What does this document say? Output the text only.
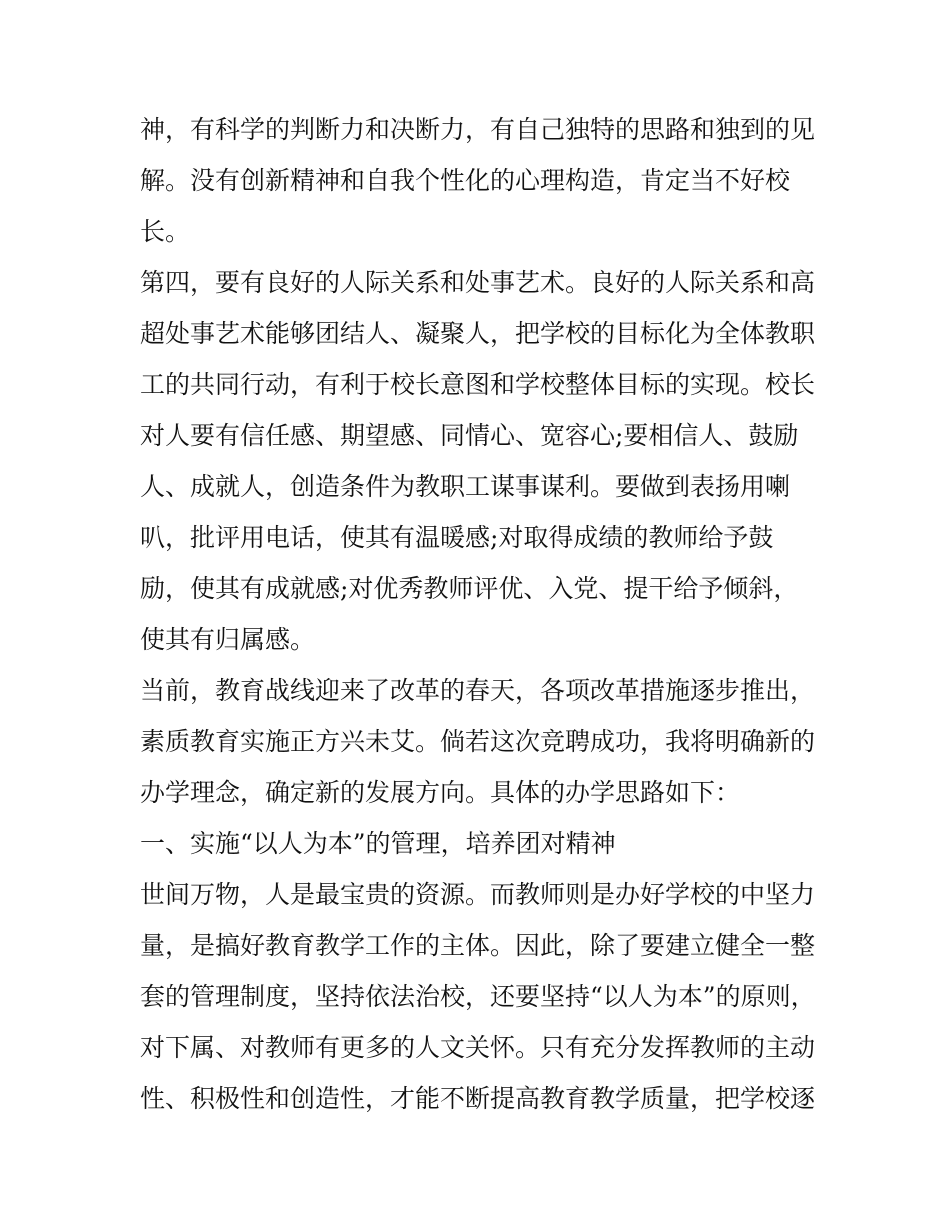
神，有科学的判断力和决断力，有自己独特的思路和独到的见
解。没有创新精神和自我个性化的心理构造，肯定当不好校
长。
第四，要有良好的人际关系和处事艺术。良好的人际关系和高
超处事艺术能够团结人、凝聚人，把学校的目标化为全体教职
工的共同行动，有利于校长意图和学校整体目标的实现。校长
对人要有信任感、期望感、同情心、宽容心;要相信人、鼓励
人、成就人，创造条件为教职工谋事谋利。要做到表扬用喇
叭，批评用电话，使其有温暖感;对取得成绩的教师给予鼓
励，使其有成就感;对优秀教师评优、入党、提干给予倾斜，
使其有归属感。
当前，教育战线迎来了改革的春天，各项改革措施逐步推出，
素质教育实施正方兴未艾。倘若这次竞聘成功，我将明确新的
办学理念，确定新的发展方向。具体的办学思路如下：
一、实施“以人为本”的管理，培养团对精神
世间万物，人是最宝贵的资源。而教师则是办好学校的中坚力
量，是搞好教育教学工作的主体。因此，除了要建立健全一整
套的管理制度，坚持依法治校，还要坚持“以人为本”的原则，
对下属、对教师有更多的人文关怀。只有充分发挥教师的主动
性、积极性和创造性，才能不断提高教育教学质量，把学校逐
